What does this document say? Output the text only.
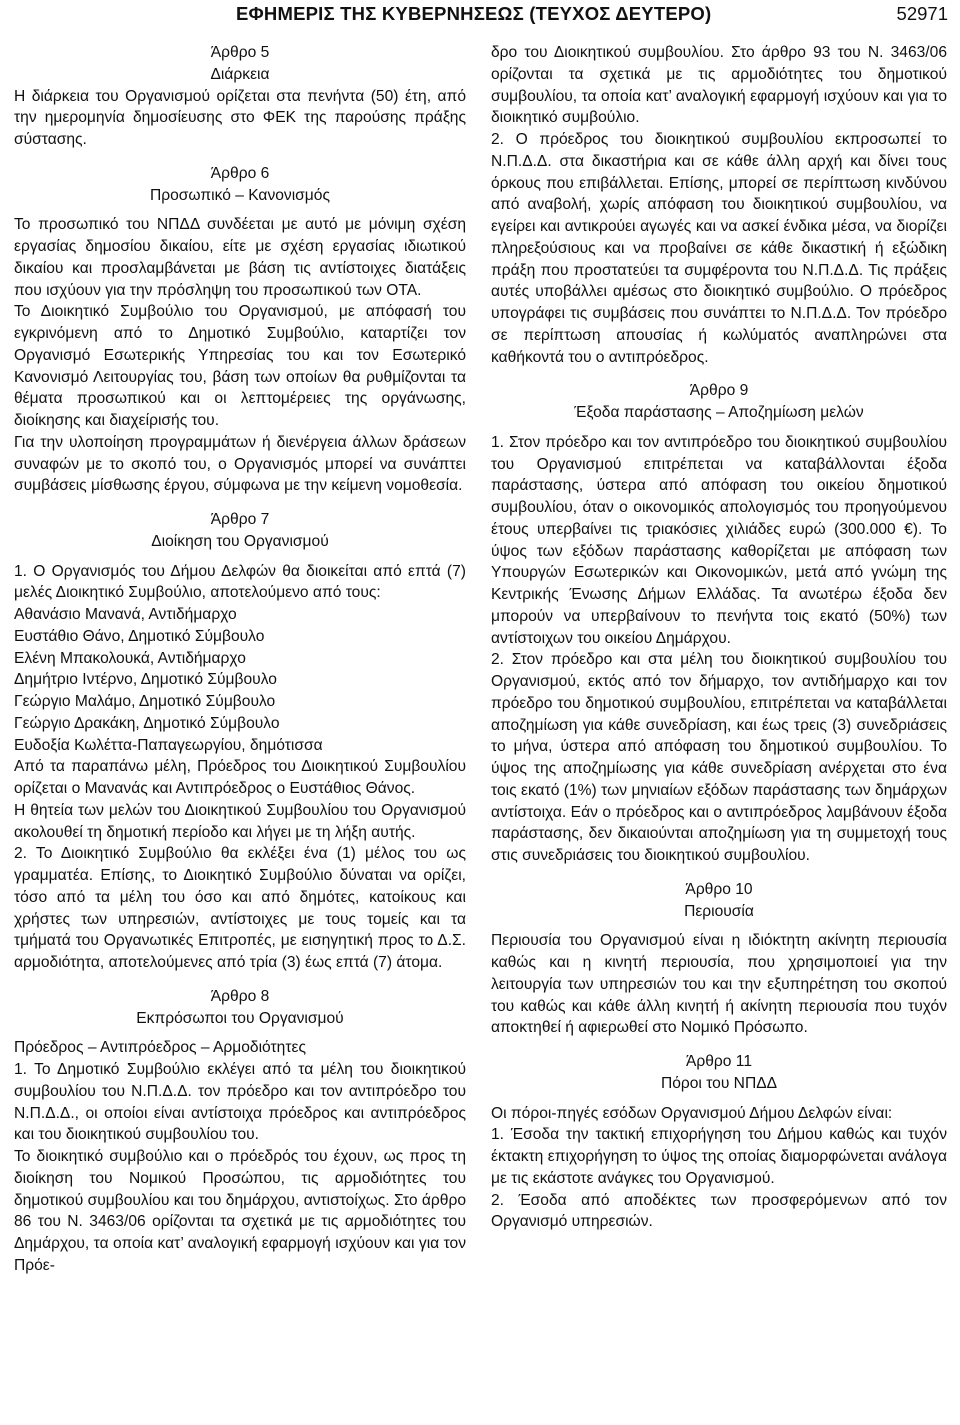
ΕΦΗΜΕΡΙΣ ΤΗΣ ΚΥΒΕΡΝΗΣΕΩΣ (ΤΕΥΧΟΣ ΔΕΥΤΕΡΟ)	52971

Άρθρο 5

Διάρκεια

Η διάρκεια του Οργανισμού ορίζεται στα πενήντα (50) έτη, από την ημερομηνία δημοσίευσης στο ΦΕΚ της παρούσης πράξης σύστασης.

Άρθρο 6

Προσωπικό – Κανονισμός

Το προσωπικό του ΝΠΔΔ συνδέεται με αυτό με μόνιμη σχέση εργασίας δημοσίου δικαίου, είτε με σχέση εργασίας ιδιωτικού δικαίου και προσλαμβάνεται με βάση τις αντίστοιχες διατάξεις που ισχύουν για την πρόσληψη του προσωπικού των ΟΤΑ.

Το Διοικητικό Συμβούλιο του Οργανισμού, με απόφασή του εγκρινόμενη από το Δημοτικό Συμβούλιο, καταρτίζει τον Οργανισμό Εσωτερικής Υπηρεσίας του και τον Εσωτερικό Κανονισμό Λειτουργίας του, βάση των οποίων θα ρυθμίζονται τα θέματα προσωπικού και οι λεπτομέρειες της οργάνωσης, διοίκησης και διαχείρισής του.

Για την υλοποίηση προγραμμάτων ή διενέργεια άλλων δράσεων συναφών με το σκοπό του, ο Οργανισμός μπορεί να συνάπτει συμβάσεις μίσθωσης έργου, σύμφωνα με την κείμενη νομοθεσία.

Άρθρο 7

Διοίκηση του Οργανισμού

1. Ο Οργανισμός του Δήμου Δελφών θα διοικείται από επτά (7) μελές Διοικητικό Συμβούλιο, αποτελούμενο από τους:

Αθανάσιο Μανανά, Αντιδήμαρχο

Ευστάθιο Θάνο, Δημοτικό Σύμβουλο

Ελένη Μπακολουκά, Αντιδήμαρχο

Δημήτριο Ιντέρνο, Δημοτικό Σύμβουλο

Γεώργιο Μαλάμο, Δημοτικό Σύμβουλο

Γεώργιο Δρακάκη, Δημοτικό Σύμβουλο

Ευδοξία Κωλέττα-Παπαγεωργίου, δημότισσα

Από τα παραπάνω μέλη, Πρόεδρος του Διοικητικού Συμβουλίου ορίζεται ο Μανανάς και Αντιπρόεδρος ο Ευστάθιος Θάνος.

Η θητεία των μελών του Διοικητικού Συμβουλίου του Οργανισμού ακολουθεί τη δημοτική περίοδο και λήγει με τη λήξη αυτής.

2. Το Διοικητικό Συμβούλιο θα εκλέξει ένα (1) μέλος του ως γραμματέα. Επίσης, το Διοικητικό Συμβούλιο δύναται να ορίζει, τόσο από τα μέλη του όσο και από δημότες, κατοίκους και χρήστες των υπηρεσιών, αντίστοιχες με τους τομείς και τα τμήματά του Οργανωτικές Επιτροπές, με εισηγητική προς το Δ.Σ. αρμοδιότητα, αποτελούμενες από τρία (3) έως επτά (7) άτομα.

Άρθρο 8

Εκπρόσωποι του Οργανισμού

Πρόεδρος – Αντιπρόεδρος – Αρμοδιότητες

1. Το Δημοτικό Συμβούλιο εκλέγει από τα μέλη του διοικητικού συμβουλίου του Ν.Π.Δ.Δ. τον πρόεδρο και τον αντιπρόεδρο του Ν.Π.Δ.Δ., οι οποίοι είναι αντίστοιχα πρόεδρος και αντιπρόεδρος και του διοικητικού συμβουλίου του.

Το διοικητικό συμβούλιο και ο πρόεδρός του έχουν, ως προς τη διοίκηση του Νομικού Προσώπου, τις αρμοδιότητες του δημοτικού συμβουλίου και του δημάρχου, αντιστοίχως. Στο άρθρο 86 του Ν. 3463/06 ορίζονται τα σχετικά με τις αρμοδιότητες του Δημάρχου, τα οποία κατ’ αναλογική εφαρμογή ισχύουν και για τον Πρόε-

δρο του Διοικητικού συμβουλίου. Στο άρθρο 93 του Ν. 3463/06 ορίζονται τα σχετικά με τις αρμοδιότητες του δημοτικού συμβουλίου, τα οποία κατ’ αναλογική εφαρμογή ισχύουν και για το διοικητικό συμβούλιο.

2. Ο πρόεδρος του διοικητικού συμβουλίου εκπροσωπεί το Ν.Π.Δ.Δ. στα δικαστήρια και σε κάθε άλλη αρχή και δίνει τους όρκους που επιβάλλεται. Επίσης, μπορεί σε περίπτωση κινδύνου από αναβολή, χωρίς απόφαση του διοικητικού συμβουλίου, να εγείρει και αντικρούει αγωγές και να ασκεί ένδικα μέσα, να διορίζει πληρεξούσιους και να προβαίνει σε κάθε δικαστική ή εξώδικη πράξη που προστατεύει τα συμφέροντα του Ν.Π.Δ.Δ. Τις πράξεις αυτές υποβάλλει αμέσως στο διοικητικό συμβούλιο. Ο πρόεδρος υπογράφει τις συμβάσεις που συνάπτει το Ν.Π.Δ.Δ. Τον πρόεδρο σε περίπτωση απουσίας ή κωλύματός αναπληρώνει στα καθήκοντά του ο αντιπρόεδρος.

Άρθρο 9

Έξοδα παράστασης – Αποζημίωση μελών

1. Στον πρόεδρο και τον αντιπρόεδρο του διοικητικού συμβουλίου του Οργανισμού επιτρέπεται να καταβάλλονται έξοδα παράστασης, ύστερα από απόφαση του οικείου δημοτικού συμβουλίου, όταν ο οικονομικός απολογισμός του προηγούμενου έτους υπερβαίνει τις τριακόσιες χιλιάδες ευρώ (300.000 €). Το ύψος των εξόδων παράστασης καθορίζεται με απόφαση των Υπουργών Εσωτερικών και Οικονομικών, μετά από γνώμη της Κεντρικής Ένωσης Δήμων Ελλάδας. Τα ανωτέρω έξοδα δεν μπορούν να υπερβαίνουν το πενήντα τοις εκατό (50%) των αντίστοιχων του οικείου Δημάρχου.

2. Στον πρόεδρο και στα μέλη του διοικητικού συμβουλίου του Οργανισμού, εκτός από τον δήμαρχο, τον αντιδήμαρχο και τον πρόεδρο του δημοτικού συμβουλίου, επιτρέπεται να καταβάλλεται αποζημίωση για κάθε συνεδρίαση, και έως τρεις (3) συνεδριάσεις το μήνα, ύστερα από απόφαση του δημοτικού συμβουλίου. Το ύψος της αποζημίωσης για κάθε συνεδρίαση ανέρχεται στο ένα τοις εκατό (1%) των μηνιαίων εξόδων παράστασης των δημάρχων αντίστοιχα. Εάν ο πρόεδρος και ο αντιπρόεδρος λαμβάνουν έξοδα παράστασης, δεν δικαιούνται αποζημίωση για τη συμμετοχή τους στις συνεδριάσεις του διοικητικού συμβουλίου.

Άρθρο 10

Περιουσία

Περιουσία του Οργανισμού είναι η ιδιόκτητη ακίνητη περιουσία καθώς και η κινητή περιουσία, που χρησιμοποιεί για την λειτουργία των υπηρεσιών του και την εξυπηρέτηση του σκοπού του καθώς και κάθε άλλη κινητή ή ακίνητη περιουσία που τυχόν αποκτηθεί ή αφιερωθεί στο Νομικό Πρόσωπο.

Άρθρο 11

Πόροι του ΝΠΔΔ

Οι πόροι-πηγές εσόδων Οργανισμού Δήμου Δελφών είναι:

1. Έσοδα την τακτική επιχορήγηση του Δήμου καθώς και τυχόν έκτακτη επιχορήγηση το ύψος της οποίας διαμορφώνεται ανάλογα με τις εκάστοτε ανάγκες του Οργανισμού.

2. Έσοδα από αποδέκτες των προσφερόμενων από τον Οργανισμό υπηρεσιών.
